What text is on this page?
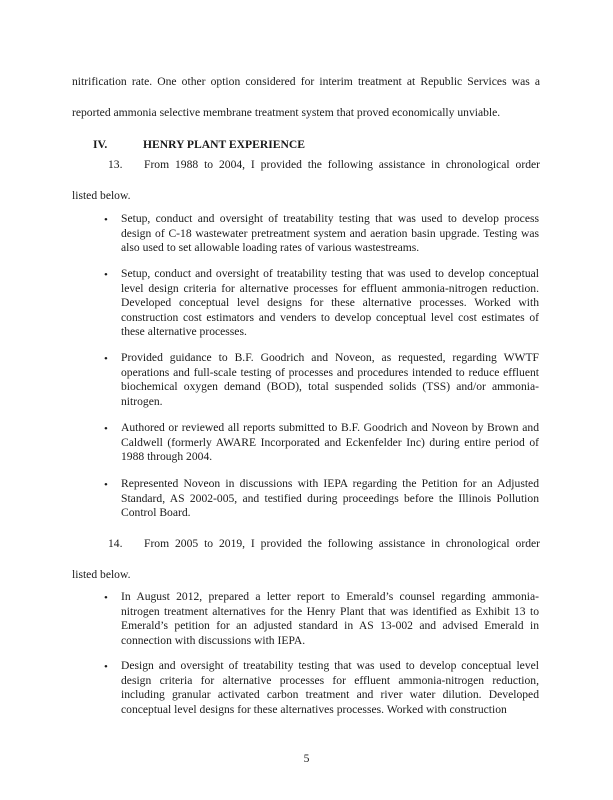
nitrification rate. One other option considered for interim treatment at Republic Services was a
reported ammonia selective membrane treatment system that proved economically unviable.
IV.	HENRY PLANT EXPERIENCE
13. From 1988 to 2004, I provided the following assistance in chronological order
listed below.
• Setup, conduct and oversight of treatability testing that was used to develop process design of C-18 wastewater pretreatment system and aeration basin upgrade. Testing was also used to set allowable loading rates of various wastestreams.
• Setup, conduct and oversight of treatability testing that was used to develop conceptual level design criteria for alternative processes for effluent ammonia-nitrogen reduction. Developed conceptual level designs for these alternative processes. Worked with construction cost estimators and venders to develop conceptual level cost estimates of these alternative processes.
• Provided guidance to B.F. Goodrich and Noveon, as requested, regarding WWTF operations and full-scale testing of processes and procedures intended to reduce effluent biochemical oxygen demand (BOD), total suspended solids (TSS) and/or ammonia-nitrogen.
• Authored or reviewed all reports submitted to B.F. Goodrich and Noveon by Brown and Caldwell (formerly AWARE Incorporated and Eckenfelder Inc) during entire period of 1988 through 2004.
• Represented Noveon in discussions with IEPA regarding the Petition for an Adjusted Standard, AS 2002-005, and testified during proceedings before the Illinois Pollution Control Board.
14. From 2005 to 2019, I provided the following assistance in chronological order
listed below.
• In August 2012, prepared a letter report to Emerald’s counsel regarding ammonia-nitrogen treatment alternatives for the Henry Plant that was identified as Exhibit 13 to Emerald’s petition for an adjusted standard in AS 13-002 and advised Emerald in connection with discussions with IEPA.
• Design and oversight of treatability testing that was used to develop conceptual level design criteria for alternative processes for effluent ammonia-nitrogen reduction, including granular activated carbon treatment and river water dilution. Developed conceptual level designs for these alternatives processes. Worked with construction
5
